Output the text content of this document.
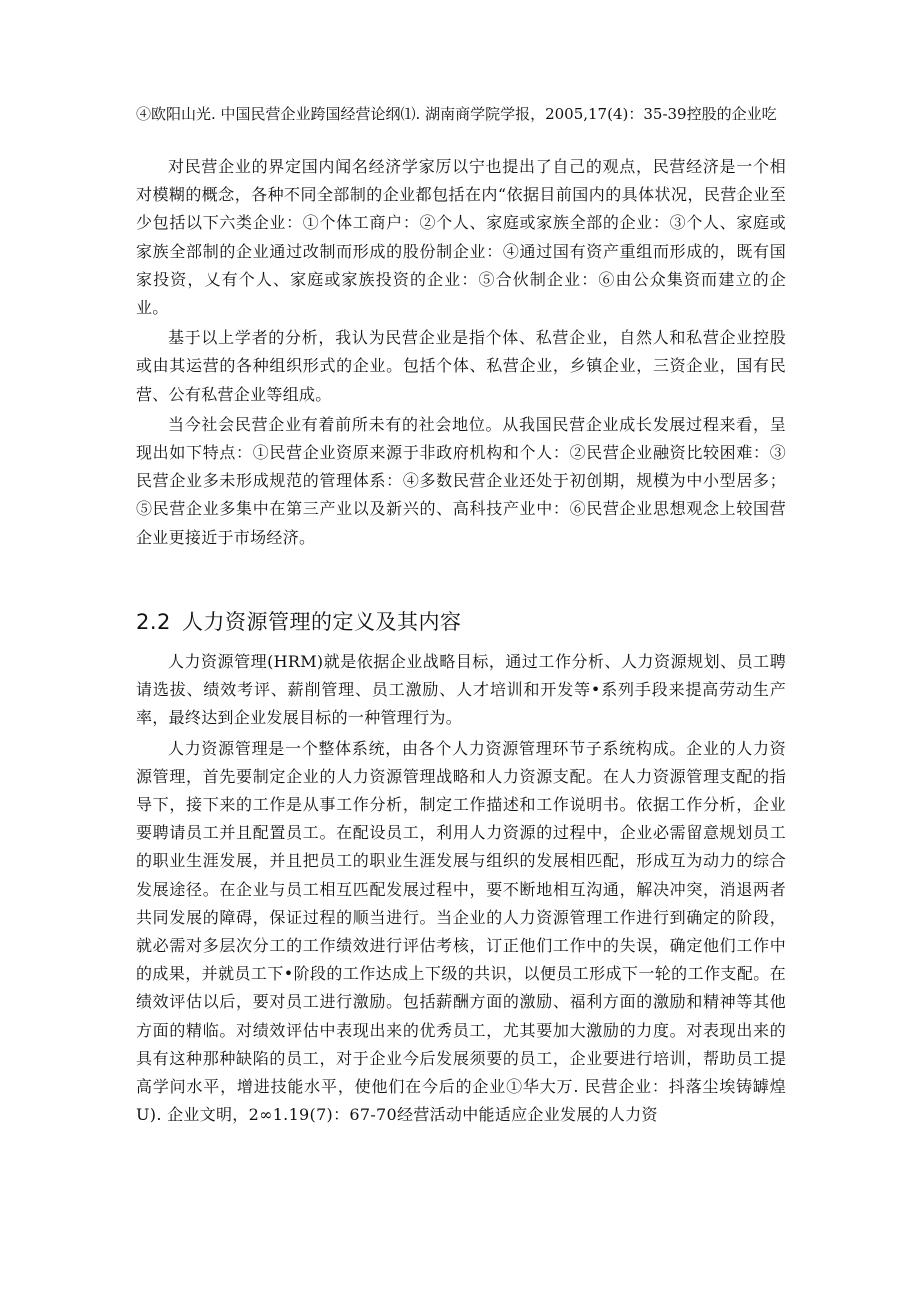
④欧阳山光. 中国民营企业跨国经营论纲⑴. 湖南商学院学报，2005,17(4)：35-39控股的企业吃

对民营企业的界定国内闻名经济学家厉以宁也提出了自己的观点，民营经济是一个相对模糊的概念，各种不同全部制的企业都包括在内“依据目前国内的具体状况，民营企业至少包括以下六类企业：①个体工商户：②个人、家庭或家族全部的企业：③个人、家庭或家族全部制的企业通过改制而形成的股份制企业：④通过国有资产重组而形成的，既有国家投资，乂有个人、家庭或家族投资的企业：⑤合伙制企业：⑥由公众集资而建立的企业。

基于以上学者的分析，我认为民营企业是指个体、私营企业，自然人和私营企业控股或由其运营的各种组织形式的企业。包括个体、私营企业，乡镇企业，三资企业，国有民营、公有私营企业等组成。

当今社会民营企业有着前所未有的社会地位。从我国民营企业成长发展过程来看，呈现出如下特点：①民营企业资原来源于非政府机构和个人：②民营企业融资比较困难：③民营企业多未形成规范的管理体系：④多数民营企业还处于初创期，规模为中小型居多；⑤民营企业多集中在第三产业以及新兴的、高科技产业中：⑥民营企业思想观念上较国营企业更接近于市场经济。

2.2 人力资源管理的定义及其内容

人力资源管理(HRM)就是依据企业战略目标，通过工作分析、人力资源规划、员工聘请选拔、绩效考评、薪削管理、员工激励、人才培训和开发等•系列手段来提高劳动生产率，最终达到企业发展目标的一种管理行为。

人力资源管理是一个整体系统，由各个人力资源管理环节子系统构成。企业的人力资源管理，首先要制定企业的人力资源管理战略和人力资源支配。在人力资源管理支配的指导下，接下来的工作是从事工作分析，制定工作描述和工作说明书。依据工作分析，企业要聘请员工并且配置员工。在配设员工，利用人力资源的过程中，企业必需留意规划员工的职业生涯发展，并且把员工的职业生涯发展与组织的发展相匹配，形成互为动力的综合发展途径。在企业与员工相互匹配发展过程中，要不断地相互沟通，解决冲突，消退两者共同发展的障碍，保证过程的顺当进行。当企业的人力资源管理工作进行到确定的阶段，就必需对多层次分工的工作绩效进行评估考核，订正他们工作中的失误，确定他们工作中的成果，并就员工下•阶段的工作达成上下级的共识，以便员工形成下一轮的工作支配。在绩效评估以后，要对员工进行激励。包括薪酬方面的激励、福利方面的激励和精神等其他方面的精临。对绩效评估中表现出来的优秀员工，尤其要加大激励的力度。对表现出来的具有这种那种缺陷的员工，对于企业今后发展须要的员工，企业要进行培训，帮助员工提高学问水平，增进技能水平，使他们在今后的企业①华大万. 民营企业：抖落尘埃铸罅煌U). 企业文明，2∞1.19(7)：67-70经营活动中能适应企业发展的人力资
